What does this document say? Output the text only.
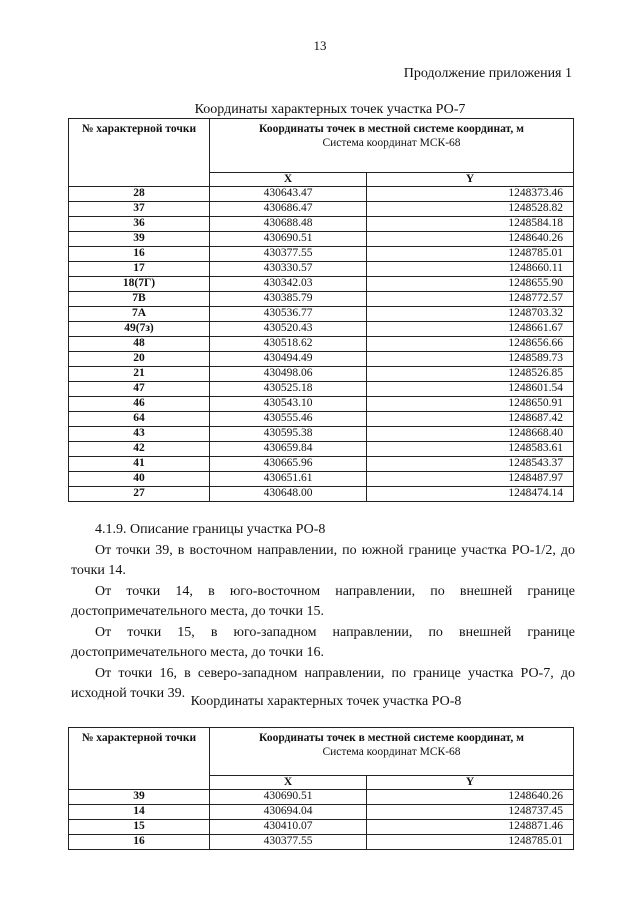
13
Продолжение приложения 1
Координаты характерных точек участка РО-7
№ характерной точки	Координаты точек в местной системе координат, м
Система координат МСК-68	

	X	Y
28	430643.47	1248373.46
37	430686.47	1248528.82
36	430688.48	1248584.18
39	430690.51	1248640.26
16	430377.55	1248785.01
17	430330.57	1248660.11
18(7Г)	430342.03	1248655.90
7В	430385.79	1248772.57
7А	430536.77	1248703.32
49(7з)	430520.43	1248661.67
48	430518.62	1248656.66
20	430494.49	1248589.73
21	430498.06	1248526.85
47	430525.18	1248601.54
46	430543.10	1248650.91
64	430555.46	1248687.42
43	430595.38	1248668.40
42	430659.84	1248583.61
41	430665.96	1248543.37
40	430651.61	1248487.97
27	430648.00	1248474.14

4.1.9. Описание границы участка РО-8

От точки 39, в восточном направлении, по южной границе участка РО-1/2, до точки 14.

От точки 14, в юго-восточном направлении, по внешней границе достопримечательного места, до точки 15.

От точки 15, в юго-западном направлении, по внешней границе достопримечательного места, до точки 16.

От точки 16, в северо-западном направлении, по границе участка РО-7, до исходной точки 39.

Координаты характерных точек участка РО-8
№ характерной точки	Координаты точек в местной системе координат, м
Система координат МСК-68	

	X	Y
39	430690.51	1248640.26
14	430694.04	1248737.45
15	430410.07	1248871.46
16	430377.55	1248785.01
